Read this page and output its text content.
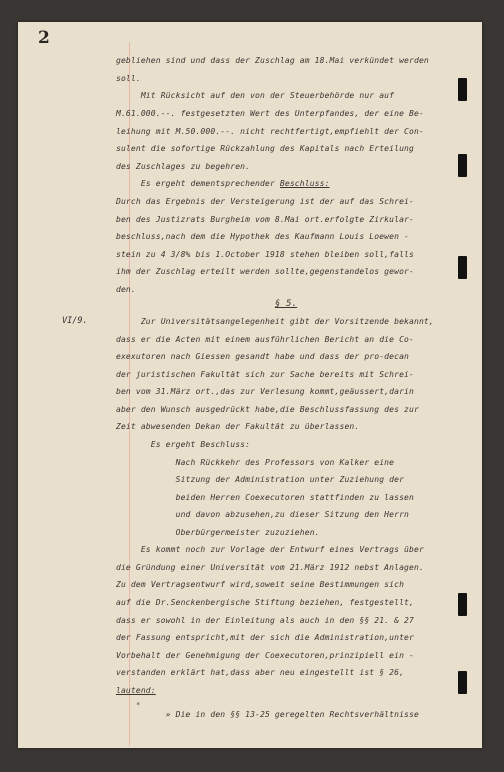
2
VI/9.
gebliehen sind und dass der Zuschlag am 18.Mai verkündet werden
soll.
Mit Rücksicht auf den von der Steuerbehörde nur auf
M.61.000.--. festgesetzten Wert des Unterpfandes, der eine Be-
leihung mit M.50.000.--. nicht rechtfertigt,empfiehlt der Con-
sulent die sofortige Rückzahlung des Kapitals nach Erteilung
des Zuschlages zu begehren.
Es ergeht dementsprechender Beschluss:
Durch das Ergebnis der Versteigerung ist der auf das Schrei-
ben des Justizrats Burgheim vom 8.Mai ort.erfolgte Zirkular-
beschluss,nach dem die Hypothek des Kaufmann Louis Loewen -
stein zu 4 3/8% bis 1.October 1918 stehen bleiben soll,falls
ihm der Zuschlag erteilt werden sollte,gegenstandelos gewor-
den.
§ 5.
Zur Universitätsangelegenheit gibt der Vorsitzende bekannt,
dass er die Acten mit einem ausführlichen Bericht an die Co-
exexutoren nach Giessen gesandt habe und dass der pro-decan
der juristischen Fakultät sich zur Sache bereits mit Schrei-
ben vom 31.März ort.,das zur Verlesung kommt,geäussert,darin
aber den Wunsch ausgedrückt habe,die Beschlussfassung des zur
Zeit abwesenden Dekan der Fakultät zu überlassen.
Es ergeht Beschluss:
Nach Rückkehr des Professors von Kalker eine
Sitzung der Administration unter Zuziehung der
beiden Herren Coexecutoren stattfinden zu lassen
und davon abzusehen,zu dieser Sitzung den Herrn
Oberbürgermeister zuzuziehen.
Es kommt noch zur Vorlage der Entwurf eines Vertrags über
die Gründung einer Universität vom 21.März 1912 nebst Anlagen.
Zu dem Vertragsentwurf wird,soweit seine Bestimmungen sich
auf die Dr.Senckenbergische Stiftung beziehen, festgestellt,
dass er sowohl in der Einleitung als auch in den §§ 21. & 27
der Fassung entspricht,mit der sich die Administration,unter
Vorbehalt der Genehmigung der Coexecutoren,prinzipiell ein -
verstanden erklärt hat,dass aber neu eingestellt ist § 26,
lautend:
*
» Die in den §§ 13-25 geregelten Rechtsverhältnisse
